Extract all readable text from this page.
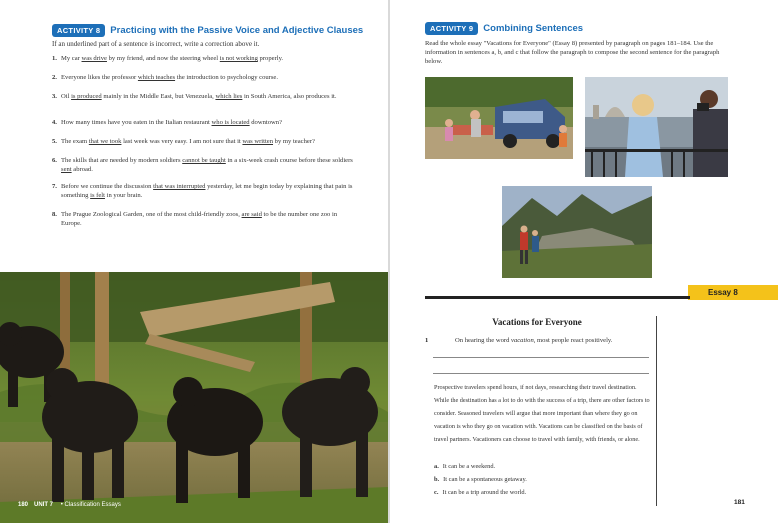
ACTIVITY 8	Practicing with the Passive Voice and Adjective Clauses
If an underlined part of a sentence is incorrect, write a correction above it.
1. My car was drive by my friend, and now the steering wheel is not working properly.
2. Everyone likes the professor which teaches the introduction to psychology course.
3. Oil is produced mainly in the Middle East, but Venezuela, which lies in South America, also produces it.
4. How many times have you eaten in the Italian restaurant who is located downtown?
5. The exam that we took last week was very easy. I am not sure that it was written by my teacher?
6. The skills that are needed by modern soldiers cannot be taught in a six-week crash course before these soldiers sent abroad.
7. Before we continue the discussion that was interrupted yesterday, let me begin today by explaining that pain is something is felt in your brain.
8. The Prague Zoological Garden, one of the most child-friendly zoos, are said to be the number one zoo in Europe.
180 UNIT 7 • Classification Essays
ACTIVITY 9	Combining Sentences
Read the whole essay "Vacations for Everyone" (Essay 8) presented by paragraph on pages 181–184. Use the information in sentences a, b, and c that follow the paragraph to compose the second sentence for the paragraph below.
Essay 8
Vacations for Everyone
1	On hearing the word vacation, most people react positively.
Prospective travelers spend hours, if not days, researching their travel destination. While the destination has a lot to do with the success of a trip, there are other factors to consider. Seasoned travelers will argue that more important than where they go on vacation is who they go on vacation with. Vacations can be classified on the basis of travel partners. Vacationers can choose to travel with family, with friends, or alone.
a. It can be a weekend.
b. It can be a spontaneous getaway.
c. It can be a trip around the world.
181
